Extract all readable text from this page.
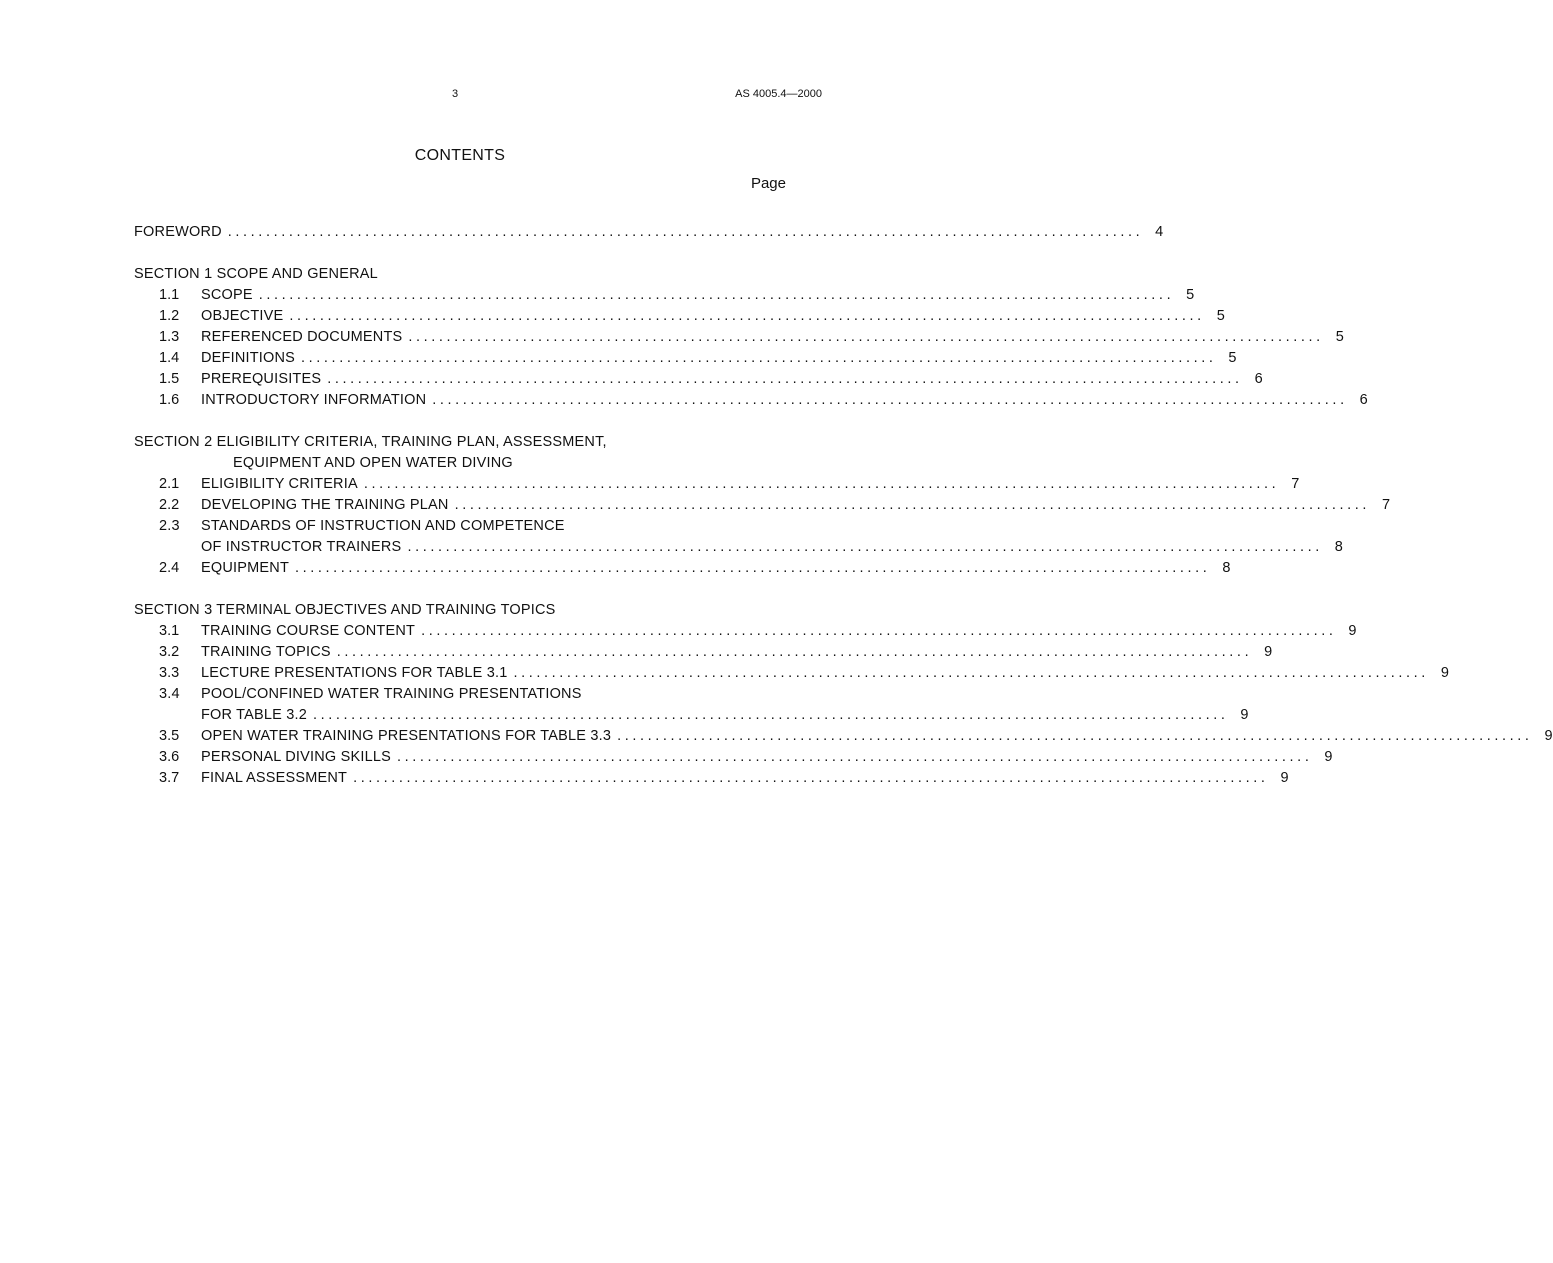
3	AS 4005.4—2000
CONTENTS
Page
FOREWORD ........................................................................................................................ 4
SECTION 1 SCOPE AND GENERAL
1.1	SCOPE ........................................................................................................................ 5
1.2	OBJECTIVE ........................................................................................................................ 5
1.3	REFERENCED DOCUMENTS ........................................................................................................................ 5
1.4	DEFINITIONS ........................................................................................................................ 5
1.5	PREREQUISITES ........................................................................................................................ 6
1.6	INTRODUCTORY INFORMATION ........................................................................................................................ 6
SECTION 2 ELIGIBILITY CRITERIA, TRAINING PLAN, ASSESSMENT,
EQUIPMENT AND OPEN WATER DIVING
2.1	ELIGIBILITY CRITERIA ........................................................................................................................ 7
2.2	DEVELOPING THE TRAINING PLAN ........................................................................................................................ 7
2.3	STANDARDS OF INSTRUCTION AND COMPETENCE
OF INSTRUCTOR TRAINERS ........................................................................................................................ 8
2.4	EQUIPMENT ........................................................................................................................ 8
SECTION 3 TERMINAL OBJECTIVES AND TRAINING TOPICS
3.1	TRAINING COURSE CONTENT ........................................................................................................................ 9
3.2	TRAINING TOPICS ........................................................................................................................ 9
3.3	LECTURE PRESENTATIONS FOR TABLE 3.1 ........................................................................................................................ 9
3.4	POOL/CONFINED WATER TRAINING PRESENTATIONS
FOR TABLE 3.2 ........................................................................................................................ 9
3.5	OPEN WATER TRAINING PRESENTATIONS FOR TABLE 3.3 ........................................................................................................................ 9
3.6	PERSONAL DIVING SKILLS ........................................................................................................................ 9
3.7	FINAL ASSESSMENT ........................................................................................................................ 9
